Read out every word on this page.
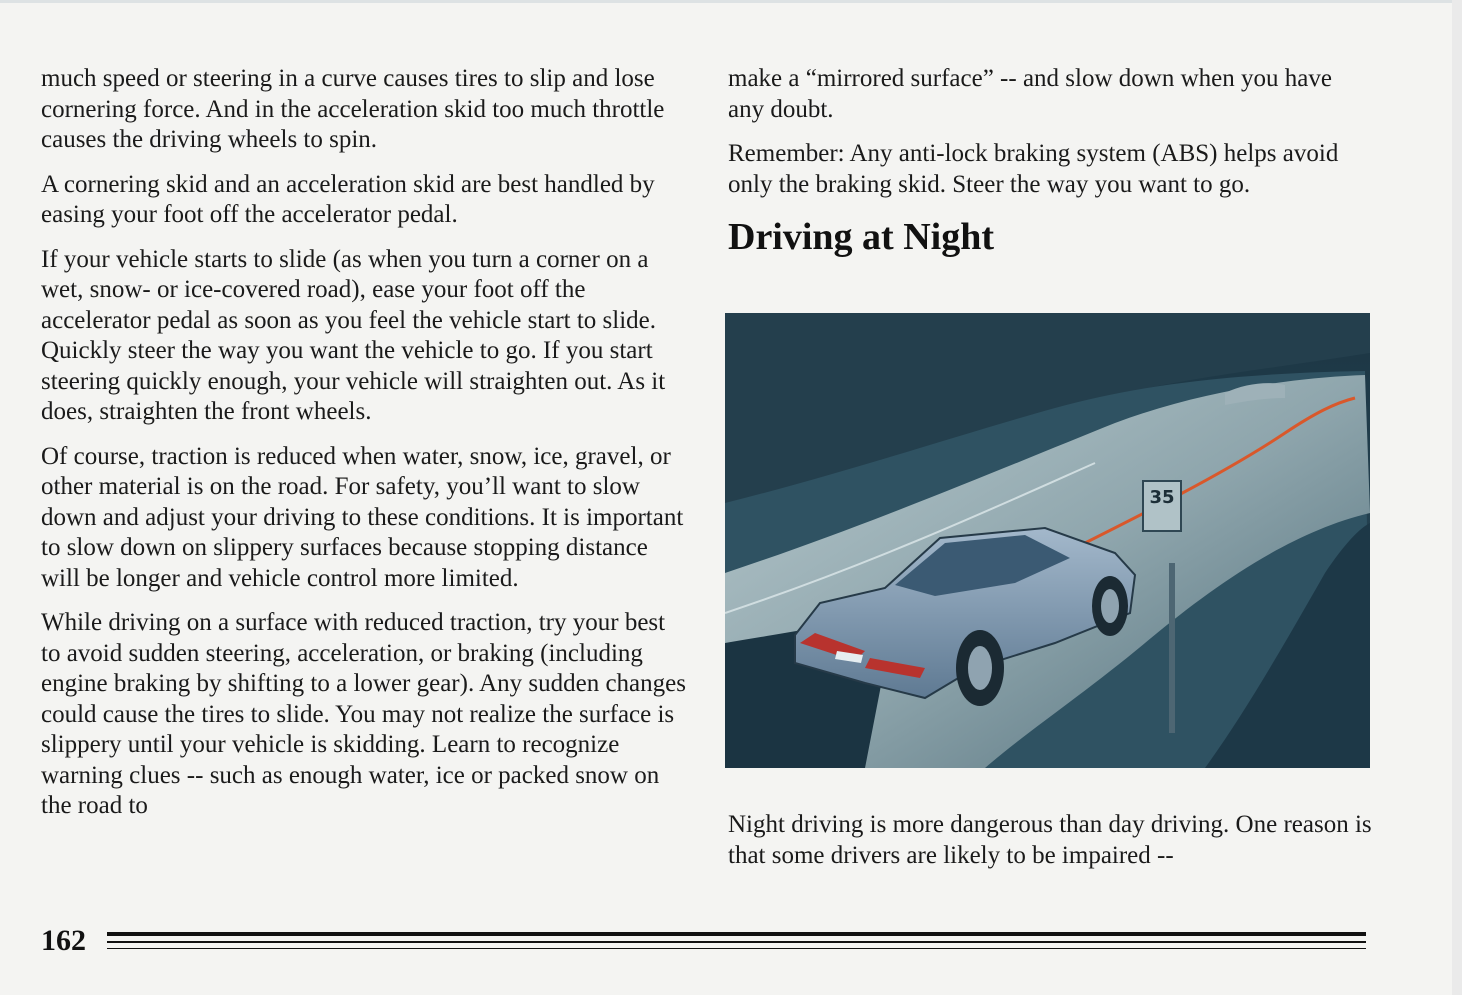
much speed or steering in a curve causes tires to slip and lose cornering force. And in the acceleration skid too much throttle causes the driving wheels to spin.

A cornering skid and an acceleration skid are best handled by easing your foot off the accelerator pedal.

If your vehicle starts to slide (as when you turn a corner on a wet, snow- or ice-covered road), ease your foot off the accelerator pedal as soon as you feel the vehicle start to slide. Quickly steer the way you want the vehicle to go. If you start steering quickly enough, your vehicle will straighten out. As it does, straighten the front wheels.

Of course, traction is reduced when water, snow, ice, gravel, or other material is on the road. For safety, you’ll want to slow down and adjust your driving to these conditions. It is important to slow down on slippery surfaces because stopping distance will be longer and vehicle control more limited.

While driving on a surface with reduced traction, try your best to avoid sudden steering, acceleration, or braking (including engine braking by shifting to a lower gear). Any sudden changes could cause the tires to slide. You may not realize the surface is slippery until your vehicle is skidding. Learn to recognize warning clues -- such as enough water, ice or packed snow on the road to

make a “mirrored surface” -- and slow down when you have any doubt.

Remember: Any anti-lock braking system (ABS) helps avoid only the braking skid. Steer the way you want to go.

Driving at Night
35

Night driving is more dangerous than day driving. One reason is that some drivers are likely to be impaired --

162
